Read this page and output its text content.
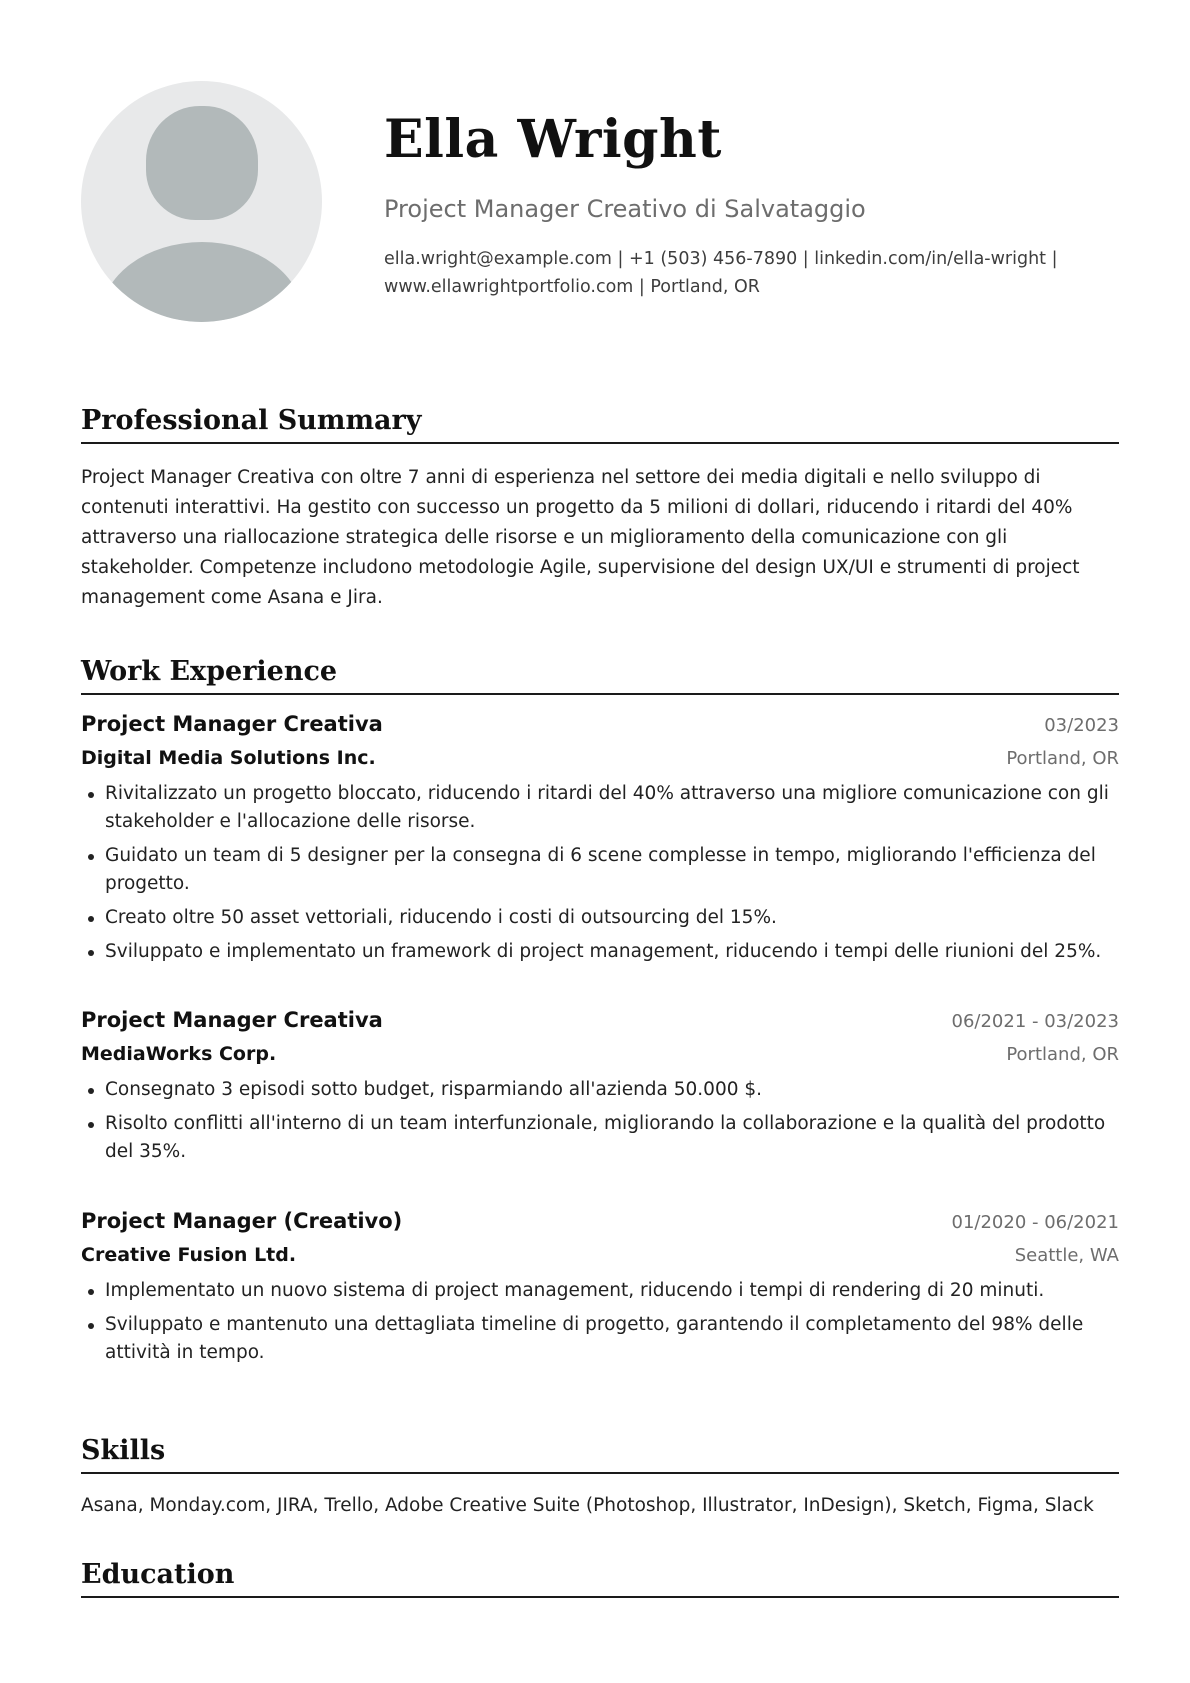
Ella Wright
Project Manager Creativo di Salvataggio
ella.wright@example.com | +1 (503) 456-7890 | linkedin.com/in/ella-wright | www.ellawrightportfolio.com | Portland, OR
Professional Summary

Project Manager Creativa con oltre 7 anni di esperienza nel settore dei media digitali e nello sviluppo di contenuti interattivi. Ha gestito con successo un progetto da 5 milioni di dollari, riducendo i ritardi del 40% attraverso una riallocazione strategica delle risorse e un miglioramento della comunicazione con gli stakeholder. Competenze includono metodologie Agile, supervisione del design UX/UI e strumenti di project management come Asana e Jira.

Work Experience
Project Manager Creativa	03/2023
Digital Media Solutions Inc.	Portland, OR
Rivitalizzato un progetto bloccato, riducendo i ritardi del 40% attraverso una migliore comunicazione con gli stakeholder e l'allocazione delle risorse.
Guidato un team di 5 designer per la consegna di 6 scene complesse in tempo, migliorando l'efficienza del progetto.
Creato oltre 50 asset vettoriali, riducendo i costi di outsourcing del 15%.
Sviluppato e implementato un framework di project management, riducendo i tempi delle riunioni del 25%.
Project Manager Creativa	06/2021 - 03/2023
MediaWorks Corp.	Portland, OR
Consegnato 3 episodi sotto budget, risparmiando all'azienda 50.000 $.
Risolto conflitti all'interno di un team interfunzionale, migliorando la collaborazione e la qualità del prodotto del 35%.
Project Manager (Creativo)	01/2020 - 06/2021
Creative Fusion Ltd.	Seattle, WA
Implementato un nuovo sistema di project management, riducendo i tempi di rendering di 20 minuti.
Sviluppato e mantenuto una dettagliata timeline di progetto, garantendo il completamento del 98% delle attività in tempo.
Skills

Asana, Monday.com, JIRA, Trello, Adobe Creative Suite (Photoshop, Illustrator, InDesign), Sketch, Figma, Slack

Education
